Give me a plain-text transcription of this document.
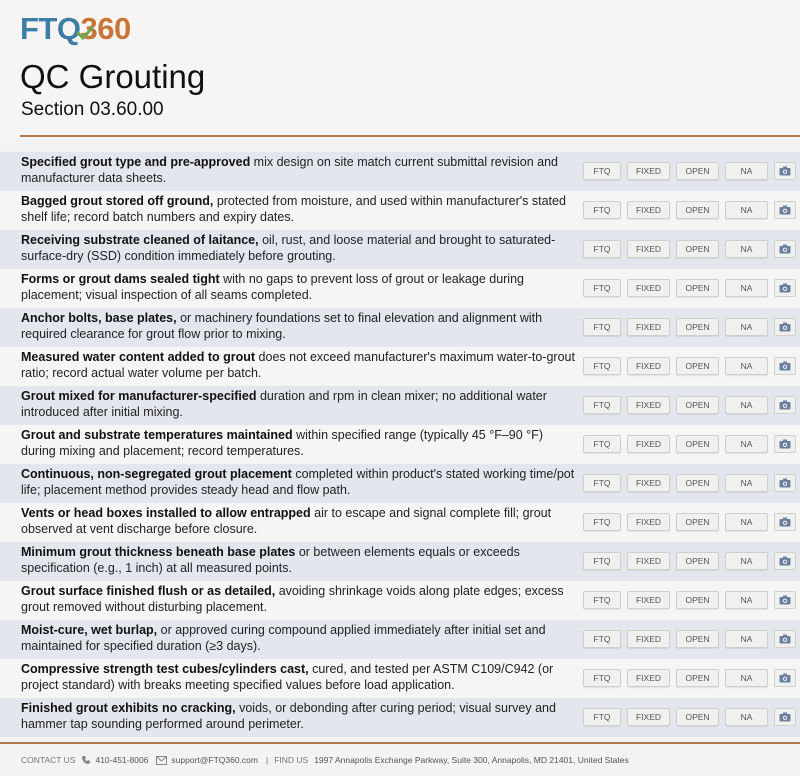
FTQ360
QC Grouting
Section 03.60.00
Specified grout type and pre-approved mix design on site match current submittal revision and manufacturer data sheets.	FTQ	FIXED	OPEN	NA
Bagged grout stored off ground, protected from moisture, and used within manufacturer's stated shelf life; record batch numbers and expiry dates.	FTQ	FIXED	OPEN	NA
Receiving substrate cleaned of laitance, oil, rust, and loose material and brought to saturated-surface-dry (SSD) condition immediately before grouting.	FTQ	FIXED	OPEN	NA
Forms or grout dams sealed tight with no gaps to prevent loss of grout or leakage during placement; visual inspection of all seams completed.	FTQ	FIXED	OPEN	NA
Anchor bolts, base plates, or machinery foundations set to final elevation and alignment with required clearance for grout flow prior to mixing.	FTQ	FIXED	OPEN	NA
Measured water content added to grout does not exceed manufacturer's maximum water-to-grout ratio; record actual water volume per batch.	FTQ	FIXED	OPEN	NA
Grout mixed for manufacturer-specified duration and rpm in clean mixer; no additional water introduced after initial mixing.	FTQ	FIXED	OPEN	NA
Grout and substrate temperatures maintained within specified range (typically 45 °F–90 °F) during mixing and placement; record temperatures.	FTQ	FIXED	OPEN	NA
Continuous, non-segregated grout placement completed within product's stated working time/pot life; placement method provides steady head and flow path.	FTQ	FIXED	OPEN	NA
Vents or head boxes installed to allow entrapped air to escape and signal complete fill; grout observed at vent discharge before closure.	FTQ	FIXED	OPEN	NA
Minimum grout thickness beneath base plates or between elements equals or exceeds specification (e.g., 1 inch) at all measured points.	FTQ	FIXED	OPEN	NA
Grout surface finished flush or as detailed, avoiding shrinkage voids along plate edges; excess grout removed without disturbing placement.	FTQ	FIXED	OPEN	NA
Moist-cure, wet burlap, or approved curing compound applied immediately after initial set and maintained for specified duration (≥3 days).	FTQ	FIXED	OPEN	NA
Compressive strength test cubes/cylinders cast, cured, and tested per ASTM C109/C942 (or project standard) with breaks meeting specified values before load application.	FTQ	FIXED	OPEN	NA
Finished grout exhibits no cracking, voids, or debonding after curing period; visual survey and hammer tap sounding performed around perimeter.	FTQ	FIXED	OPEN	NA
CONTACT US 410-451-8006	support@FTQ360.com | FIND US 1997 Annapolis Exchange Parkway, Suite 300, Annapolis, MD 21401, United States
